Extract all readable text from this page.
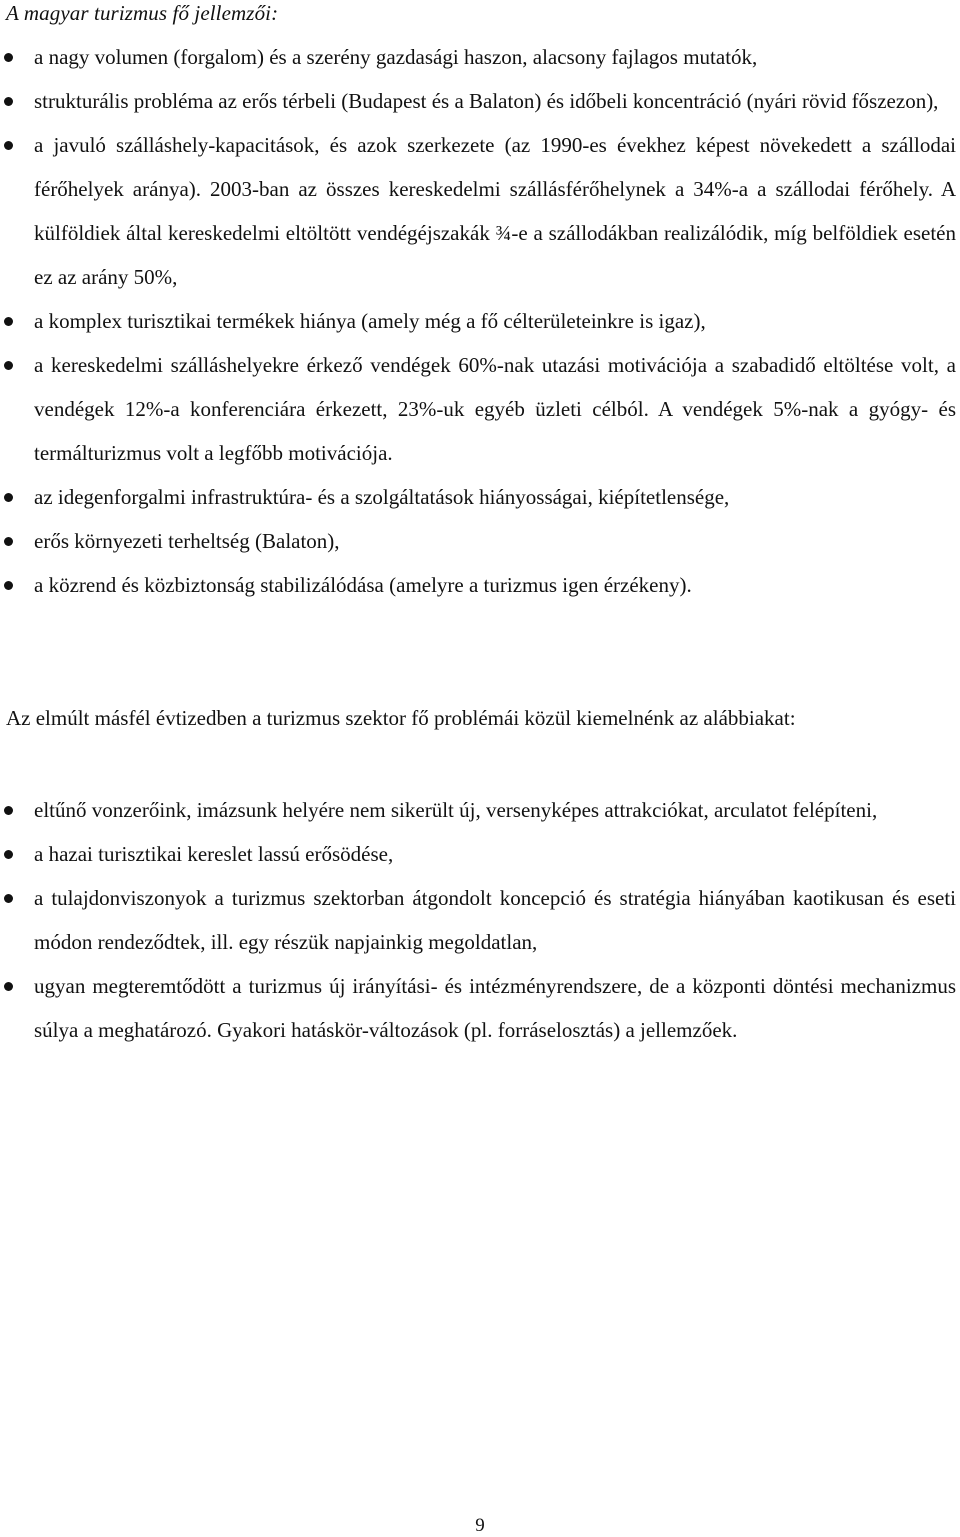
A magyar turizmus fő jellemzői:
a nagy volumen (forgalom) és a szerény gazdasági haszon, alacsony fajlagos mutatók,
strukturális probléma az erős térbeli (Budapest és a Balaton) és időbeli koncentráció (nyári rövid főszezon),
a javuló szálláshely-kapacitások, és azok szerkezete (az 1990-es évekhez képest növekedett a szállodai férőhelyek aránya). 2003-ban az összes kereskedelmi szállásférőhelynek a 34%-a a szállodai férőhely. A külföldiek által kereskedelmi eltöltött vendégéjszakák ¾-e a szállodákban realizálódik, míg belföldiek esetén ez az arány 50%,
a komplex turisztikai termékek hiánya (amely még a fő célterületeinkre is igaz),
a kereskedelmi szálláshelyekre érkező vendégek 60%-nak utazási motivációja a szabadidő eltöltése volt, a vendégek 12%-a konferenciára érkezett, 23%-uk egyéb üzleti célból. A vendégek 5%-nak a gyógy- és termálturizmus volt a legfőbb motivációja.
az idegenforgalmi infrastruktúra- és a szolgáltatások hiányosságai, kiépítetlensége,
erős környezeti terheltség (Balaton),
a közrend és közbiztonság stabilizálódása (amelyre a turizmus igen érzékeny).

Az elmúlt másfél évtizedben a turizmus szektor fő problémái közül kiemelnénk az alábbiakat:

eltűnő vonzerőink, imázsunk helyére nem sikerült új, versenyképes attrakciókat, arculatot felépíteni,
a hazai turisztikai kereslet lassú erősödése,
a tulajdonviszonyok a turizmus szektorban átgondolt koncepció és stratégia hiányában kaotikusan és eseti módon rendeződtek, ill. egy részük napjainkig megoldatlan,
ugyan megteremtődött a turizmus új irányítási- és intézményrendszere, de a központi döntési mechanizmus súlya a meghatározó. Gyakori hatáskör-változások (pl. forráselosztás) a jellemzőek.
9
